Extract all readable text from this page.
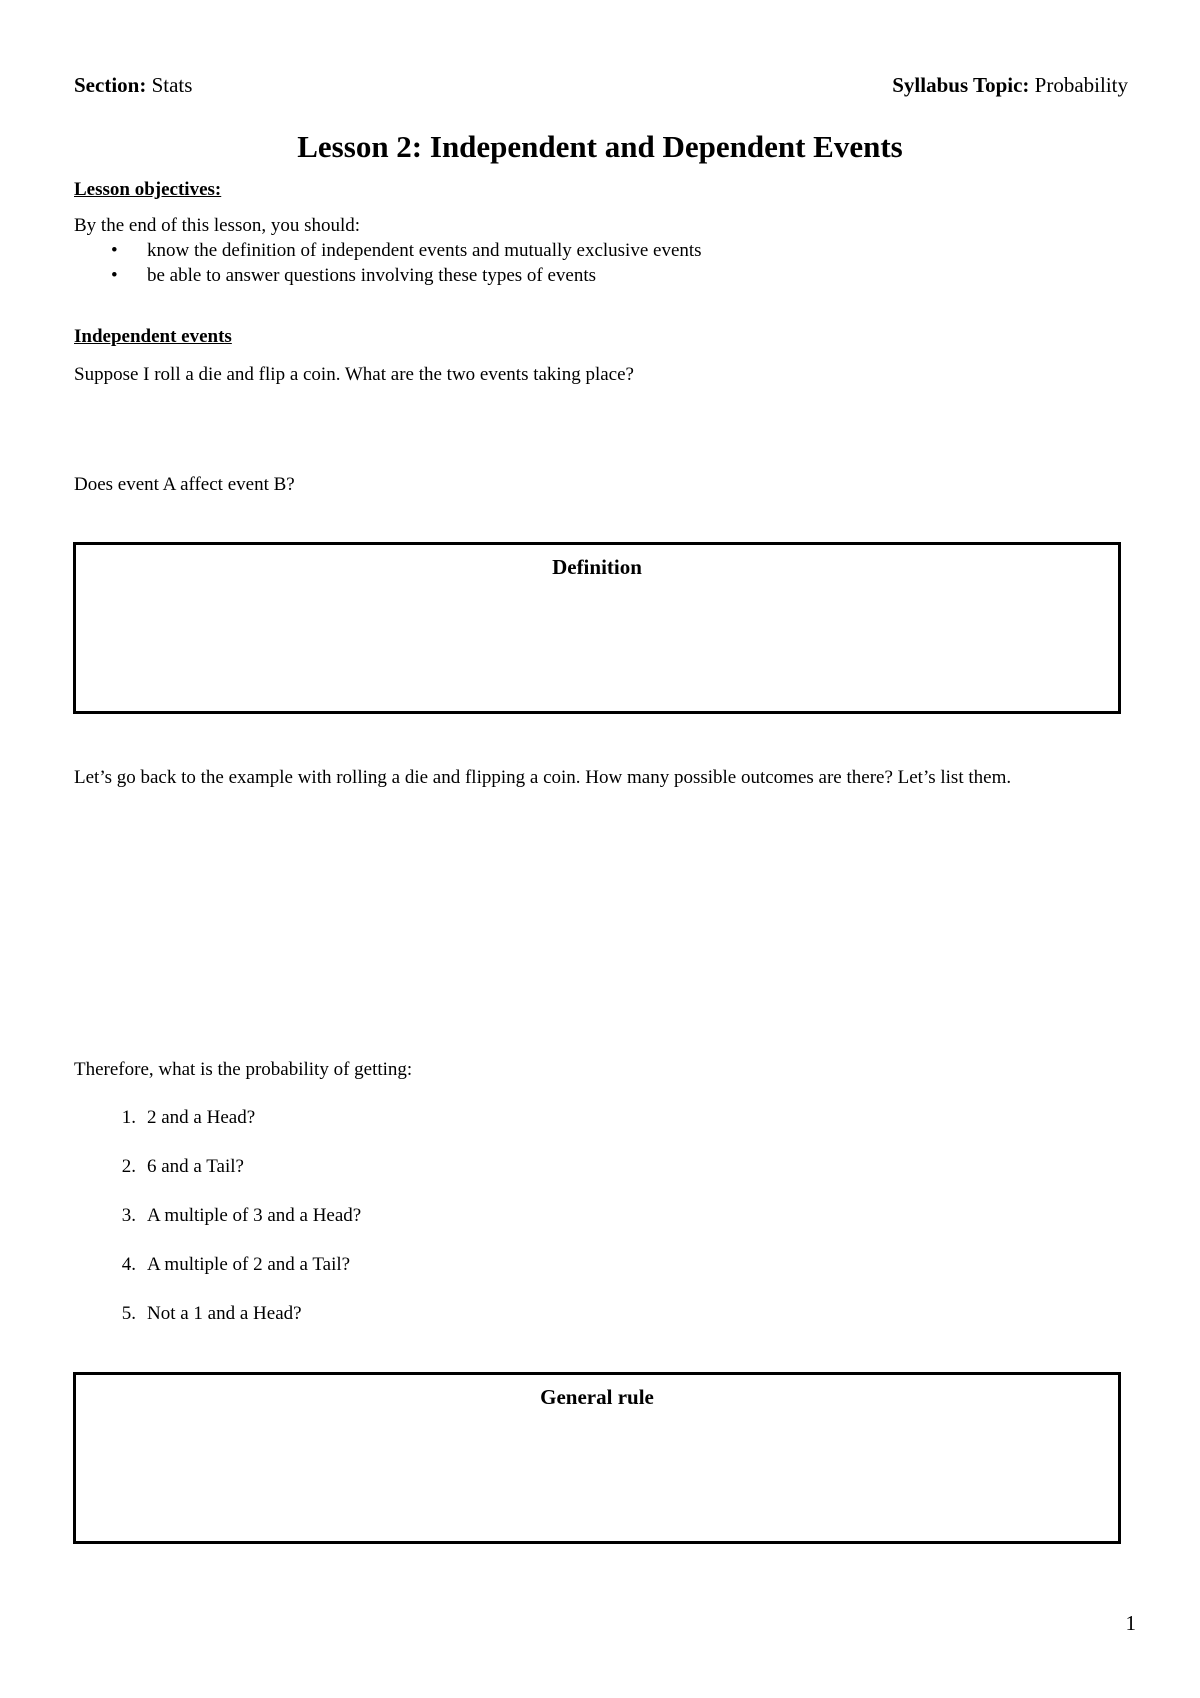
Section: Stats	Syllabus Topic: Probability
Lesson 2: Independent and Dependent Events
Lesson objectives:
By the end of this lesson, you should:
• know the definition of independent events and mutually exclusive events
• be able to answer questions involving these types of events
Independent events
Suppose I roll a die and flip a coin. What are the two events taking place?
Does event A affect event B?
Definition
Let’s go back to the example with rolling a die and flipping a coin. How many possible outcomes are there? Let’s list them.
Therefore, what is the probability of getting:
1. 2 and a Head?
2. 6 and a Tail?
3. A multiple of 3 and a Head?
4. A multiple of 2 and a Tail?
5. Not a 1 and a Head?
General rule
1
